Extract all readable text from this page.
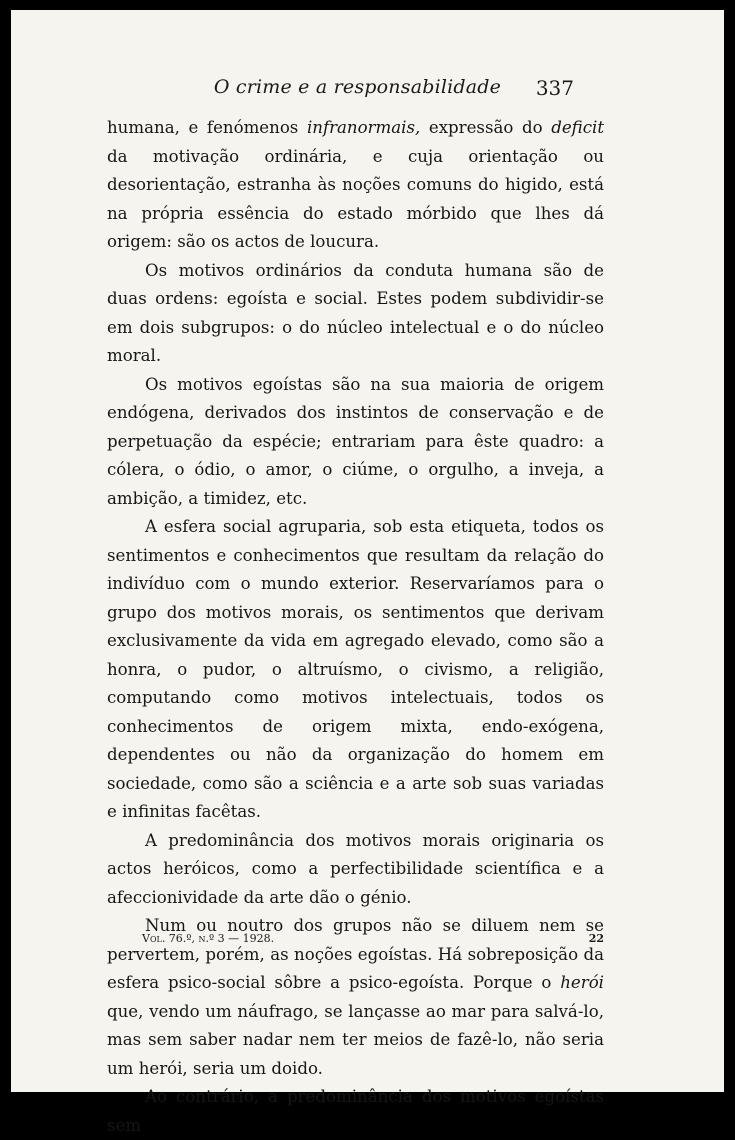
O crime e a responsabilidade	337

humana, e fenómenos infranormais, expressão do deficit da motivação ordinária, e cuja orientação ou desorientação, estranha às noções comuns do higido, está na própria essência do estado mórbido que lhes dá origem: são os actos de loucura.

Os motivos ordinários da conduta humana são de duas ordens: egoísta e social. Estes podem subdividir-se em dois subgrupos: o do núcleo intelectual e o do núcleo moral.

Os motivos egoístas são na sua maioria de origem endógena, derivados dos instintos de conservação e de perpetuação da espécie; entrariam para êste quadro: a cólera, o ódio, o amor, o ciúme, o orgulho, a inveja, a ambição, a timidez, etc.

A esfera social agruparia, sob esta etiqueta, todos os sentimentos e conhecimentos que resultam da relação do indivíduo com o mundo exterior. Reservaríamos para o grupo dos motivos morais, os sentimentos que derivam exclusivamente da vida em agregado elevado, como são a honra, o pudor, o altruísmo, o civismo, a religião, computando como motivos intelectuais, todos os conhecimentos de origem mixta, endo-exógena, dependentes ou não da organização do homem em sociedade, como são a sciência e a arte sob suas variadas e infinitas facêtas.

A predominância dos motivos morais originaria os actos heróicos, como a perfectibilidade scientífica e a afeccionividade da arte dão o génio.

Num ou noutro dos grupos não se diluem nem se pervertem, porém, as noções egoístas. Há sobreposição da esfera psico-social sôbre a psico-egoísta. Porque o herói que, vendo um náufrago, se lançasse ao mar para salvá-lo, mas sem saber nadar nem ter meios de fazê-lo, não seria um herói, seria um doido.

Ao contrário, a predominância dos motivos egoístas sem

Vol. 76.º, n.º 3 — 1928.	22
